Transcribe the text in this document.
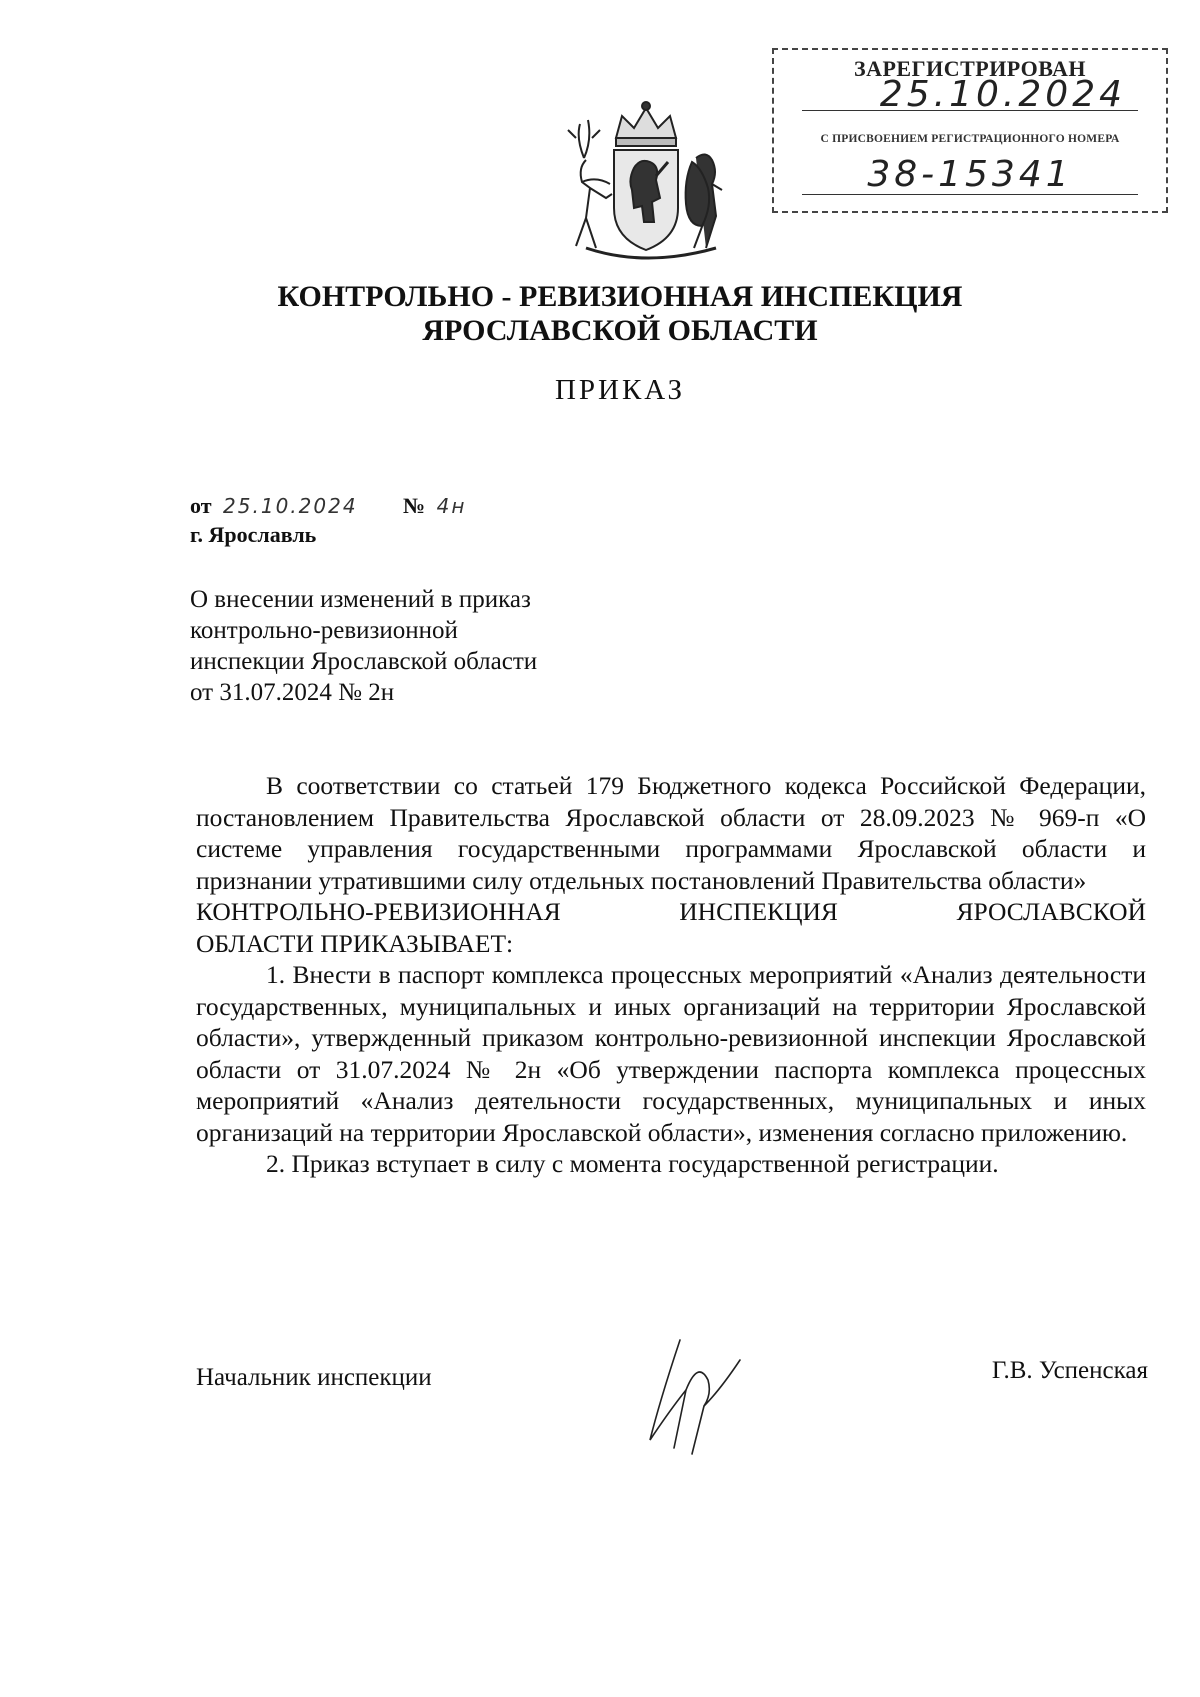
ЗАРЕГИСТРИРОВАН
25.10.2024
С ПРИСВОЕНИЕМ РЕГИСТРАЦИОННОГО НОМЕРА
38-15341
КОНТРОЛЬНО - РЕВИЗИОННАЯ ИНСПЕКЦИЯ
ЯРОСЛАВСКОЙ ОБЛАСТИ
ПРИКАЗ
от 25.10.2024 № 4н
г. Ярославль
О внесении изменений в приказ
контрольно-ревизионной
инспекции Ярославской области
от 31.07.2024 № 2н

В соответствии со статьей 179 Бюджетного кодекса Российской Федерации, постановлением Правительства Ярославской области от 28.09.2023 № 969-п «О системе управления государственными программами Ярославской области и признании утратившими силу отдельных постановлений Правительства области»

КОНТРОЛЬНО-РЕВИЗИОННАЯ ИНСПЕКЦИЯ ЯРОСЛАВСКОЙ

ОБЛАСТИ ПРИКАЗЫВАЕТ:

1. Внести в паспорт комплекса процессных мероприятий «Анализ деятельности государственных, муниципальных и иных организаций на территории Ярославской области», утвержденный приказом контрольно-ревизионной инспекции Ярославской области от 31.07.2024 № 2н «Об утверждении паспорта комплекса процессных мероприятий «Анализ деятельности государственных, муниципальных и иных организаций на территории Ярославской области», изменения согласно приложению.

2. Приказ вступает в силу с момента государственной регистрации.

Начальник инспекции	Г.В. Успенская
